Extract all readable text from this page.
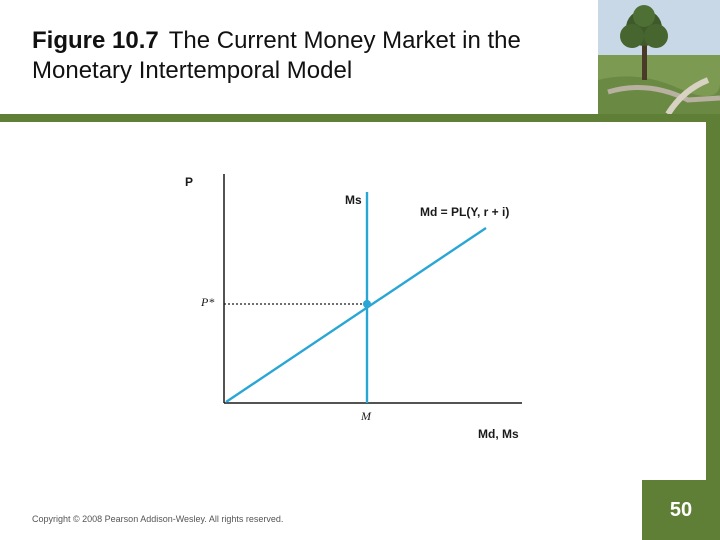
Figure 10.7 The Current Money Market in the Monetary Intertemporal Model
P
Ms
Md = PL(Y, r + i)
P*
M
Md, Ms
Copyright © 2008 Pearson Addison-Wesley. All rights reserved.	50
